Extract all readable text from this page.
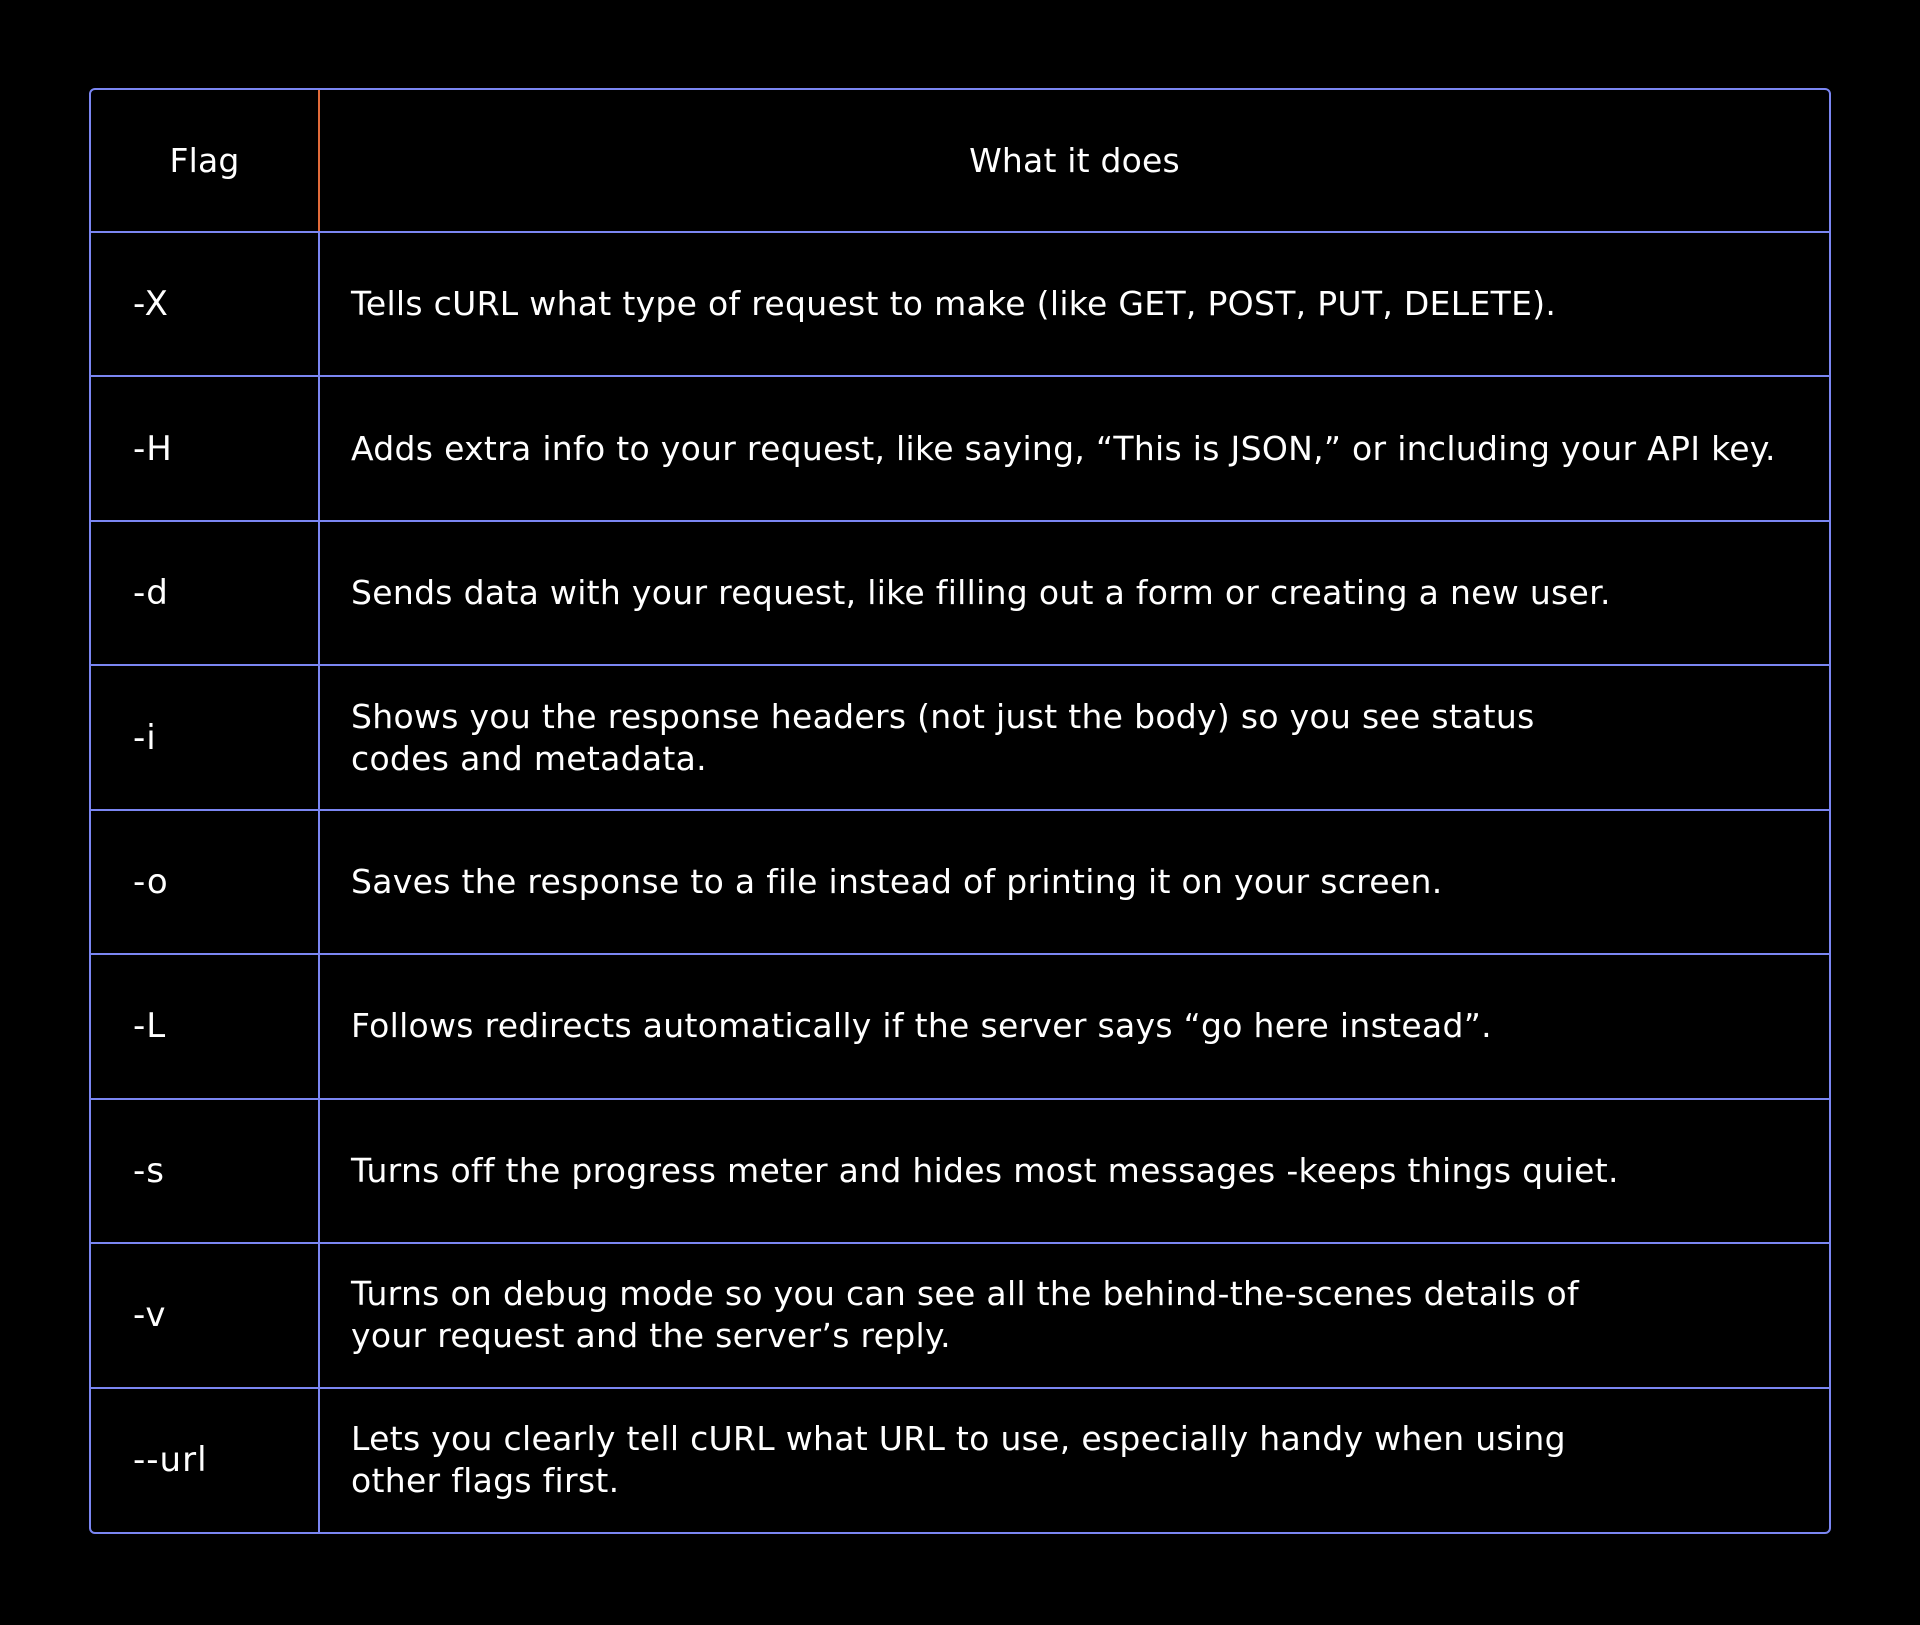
Flag	What it does
-X	Tells cURL what type of request to make (like GET, POST, PUT, DELETE).

-H	Adds extra info to your request, like saying, “This is JSON,” or including your API key.

-d	Sends data with your request, like filling out a form or creating a new user.

-i	Shows you the response headers (not just the body) so you see status codes and metadata.

-o	Saves the response to a file instead of printing it on your screen.

-L	Follows redirects automatically if the server says “go here instead”.

-s	Turns off the progress meter and hides most messages -keeps things quiet.

-v	Turns on debug mode so you can see all the behind-the-scenes details of your request and the server’s reply.

--url	Lets you clearly tell cURL what URL to use, especially handy when using other flags first.
